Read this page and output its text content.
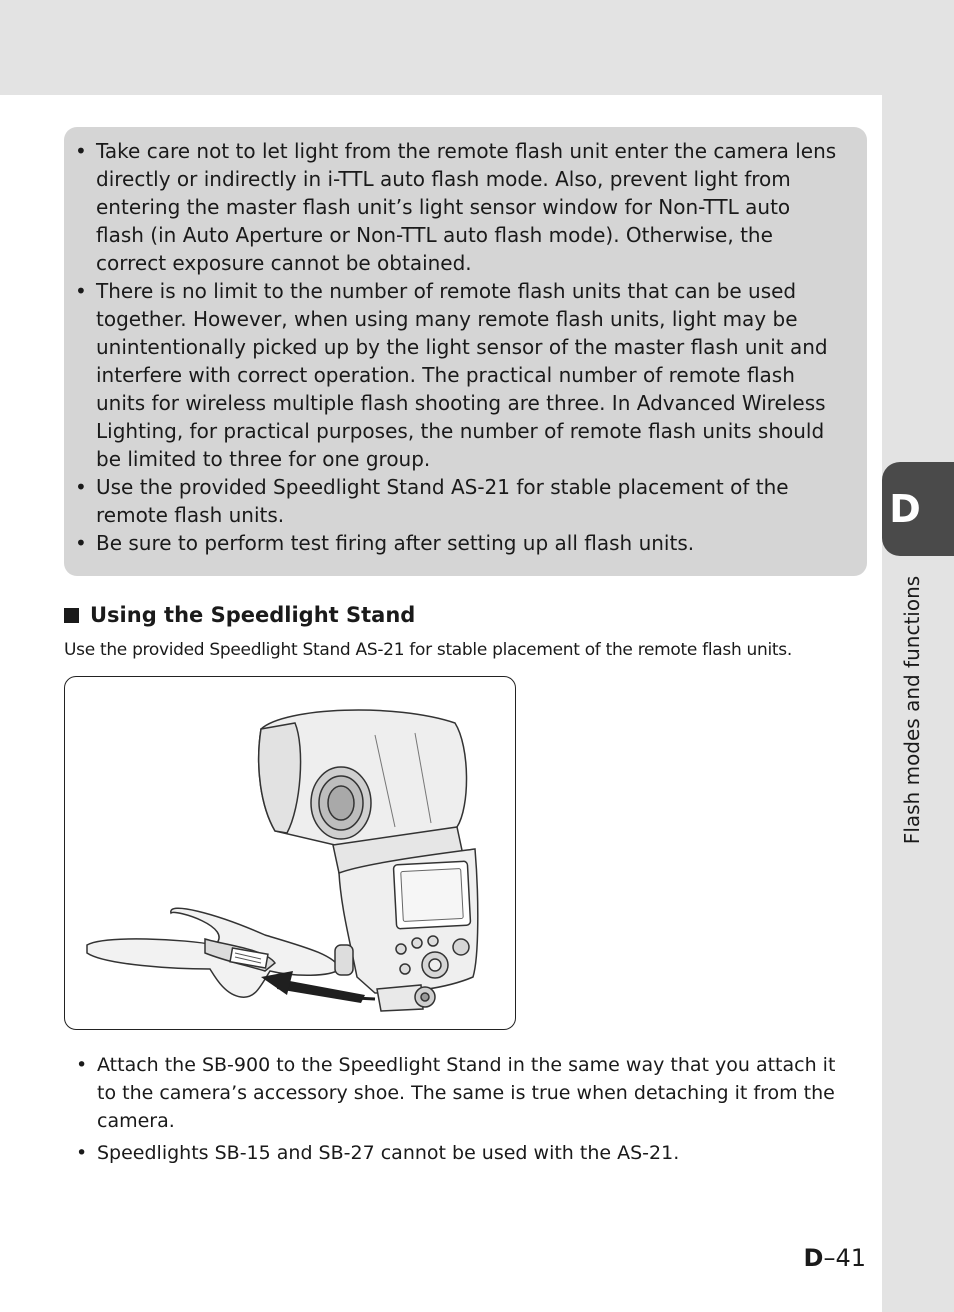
D
Flash modes and functions
• Take care not to let light from the remote flash unit enter the camera lens directly or indirectly in i-TTL auto flash mode. Also, prevent light from entering the master flash unit’s light sensor window for Non-TTL auto flash (in Auto Aperture or Non-TTL auto flash mode). Otherwise, the correct exposure cannot be obtained.
• There is no limit to the number of remote flash units that can be used together. However, when using many remote flash units, light may be unintentionally picked up by the light sensor of the master flash unit and interfere with correct operation. The practical number of remote flash units for wireless multiple flash shooting are three. In Advanced Wireless Lighting, for practical purposes, the number of remote flash units should be limited to three for one group.
• Use the provided Speedlight Stand AS-21 for stable placement of the remote flash units.
• Be sure to perform test firing after setting up all flash units.
Using the Speedlight Stand
Use the provided Speedlight Stand AS-21 for stable placement of the remote flash units.
• Attach the SB-900 to the Speedlight Stand in the same way that you attach it to the camera’s accessory shoe. The same is true when detaching it from the camera.
• Speedlights SB-15 and SB-27 cannot be used with the AS-21.
D–41
